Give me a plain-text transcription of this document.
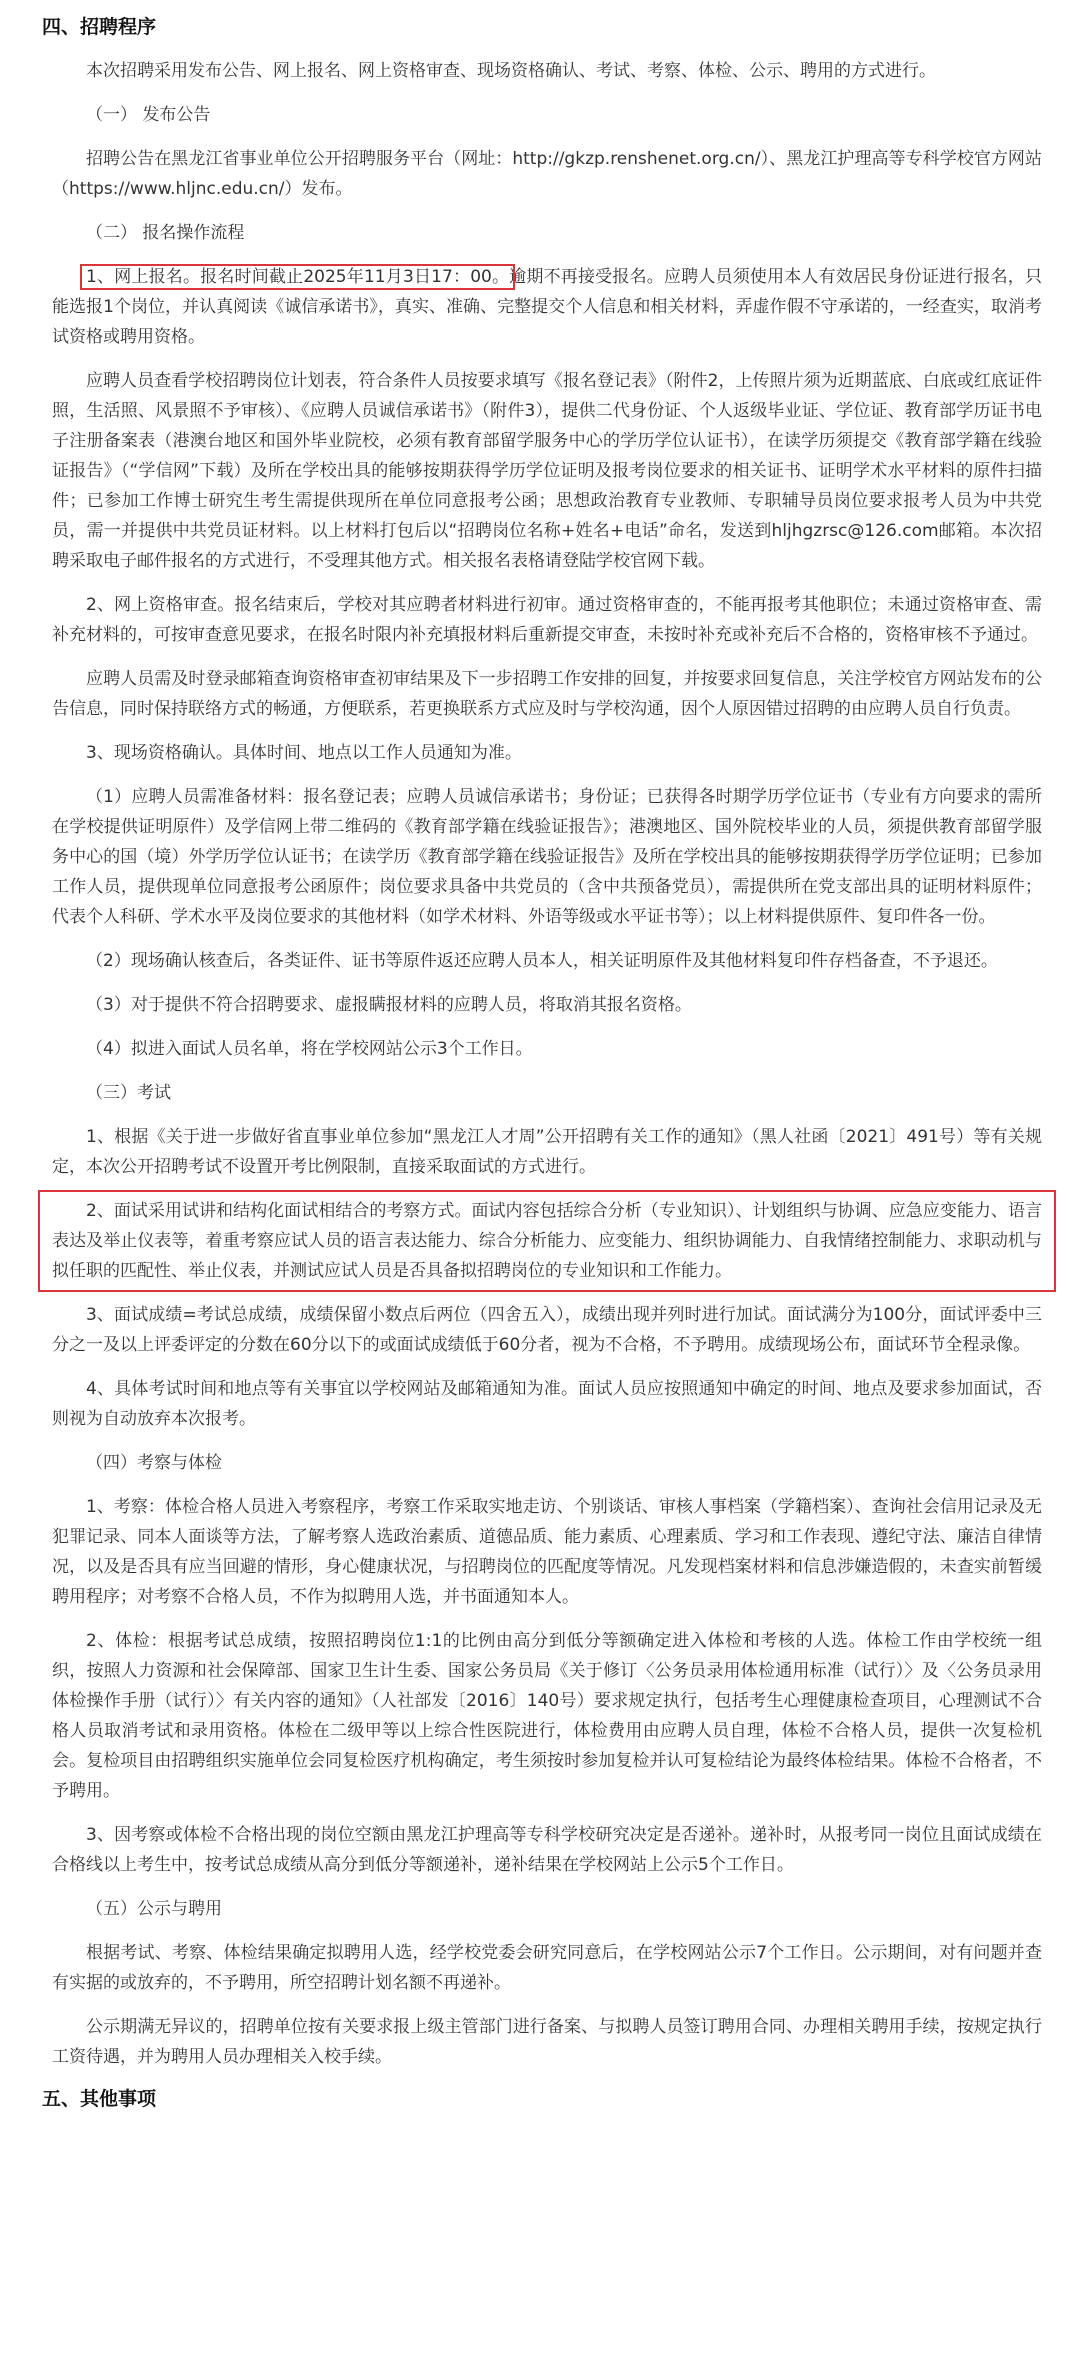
四、招聘程序

本次招聘采用发布公告、网上报名、网上资格审查、现场资格确认、考试、考察、体检、公示、聘用的方式进行。

（一） 发布公告

招聘公告在黑龙江省事业单位公开招聘服务平台（网址：http://gkzp.renshenet.org.cn/）、黑龙江护理高等专科学校官方网站（https://www.hljnc.edu.cn/）发布。

（二） 报名操作流程

1、网上报名。报名时间截止2025年11月3日17：00。逾期不再接受报名。应聘人员须使用本人有效居民身份证进行报名，只能选报1个岗位，并认真阅读《诚信承诺书》，真实、准确、完整提交个人信息和相关材料，弄虚作假不守承诺的，一经查实，取消考试资格或聘用资格。

应聘人员查看学校招聘岗位计划表，符合条件人员按要求填写《报名登记表》（附件2，上传照片须为近期蓝底、白底或红底证件照，生活照、风景照不予审核）、《应聘人员诚信承诺书》（附件3），提供二代身份证、个人返级毕业证、学位证、教育部学历证书电子注册备案表（港澳台地区和国外毕业院校，必须有教育部留学服务中心的学历学位认证书），在读学历须提交《教育部学籍在线验证报告》（“学信网”下载）及所在学校出具的能够按期获得学历学位证明及报考岗位要求的相关证书、证明学术水平材料的原件扫描件；已参加工作博士研究生考生需提供现所在单位同意报考公函；思想政治教育专业教师、专职辅导员岗位要求报考人员为中共党员，需一并提供中共党员证材料。以上材料打包后以“招聘岗位名称+姓名+电话”命名，发送到hljhgzrsc@126.com邮箱。本次招聘采取电子邮件报名的方式进行，不受理其他方式。相关报名表格请登陆学校官网下载。

2、网上资格审查。报名结束后，学校对其应聘者材料进行初审。通过资格审查的，不能再报考其他职位；未通过资格审查、需补充材料的，可按审查意见要求，在报名时限内补充填报材料后重新提交审查，未按时补充或补充后不合格的，资格审核不予通过。

应聘人员需及时登录邮箱查询资格审查初审结果及下一步招聘工作安排的回复，并按要求回复信息，关注学校官方网站发布的公告信息，同时保持联络方式的畅通，方便联系，若更换联系方式应及时与学校沟通，因个人原因错过招聘的由应聘人员自行负责。

3、现场资格确认。具体时间、地点以工作人员通知为准。

（1）应聘人员需准备材料：报名登记表；应聘人员诚信承诺书；身份证；已获得各时期学历学位证书（专业有方向要求的需所在学校提供证明原件）及学信网上带二维码的《教育部学籍在线验证报告》；港澳地区、国外院校毕业的人员，须提供教育部留学服务中心的国（境）外学历学位认证书；在读学历《教育部学籍在线验证报告》及所在学校出具的能够按期获得学历学位证明；已参加工作人员，提供现单位同意报考公函原件；岗位要求具备中共党员的（含中共预备党员），需提供所在党支部出具的证明材料原件；代表个人科研、学术水平及岗位要求的其他材料（如学术材料、外语等级或水平证书等）；以上材料提供原件、复印件各一份。

（2）现场确认核查后，各类证件、证书等原件返还应聘人员本人，相关证明原件及其他材料复印件存档备查，不予退还。

（3）对于提供不符合招聘要求、虚报瞒报材料的应聘人员，将取消其报名资格。

（4）拟进入面试人员名单，将在学校网站公示3个工作日。

（三）考试

1、根据《关于进一步做好省直事业单位参加“黑龙江人才周”公开招聘有关工作的通知》（黑人社函〔2021〕491号）等有关规定，本次公开招聘考试不设置开考比例限制，直接采取面试的方式进行。

2、面试采用试讲和结构化面试相结合的考察方式。面试内容包括综合分析（专业知识）、计划组织与协调、应急应变能力、语言表达及举止仪表等，着重考察应试人员的语言表达能力、综合分析能力、应变能力、组织协调能力、自我情绪控制能力、求职动机与拟任职的匹配性、举止仪表，并测试应试人员是否具备拟招聘岗位的专业知识和工作能力。

3、面试成绩=考试总成绩，成绩保留小数点后两位（四舍五入），成绩出现并列时进行加试。面试满分为100分，面试评委中三分之一及以上评委评定的分数在60分以下的或面试成绩低于60分者，视为不合格，不予聘用。成绩现场公布，面试环节全程录像。

4、具体考试时间和地点等有关事宜以学校网站及邮箱通知为准。面试人员应按照通知中确定的时间、地点及要求参加面试，否则视为自动放弃本次报考。

（四）考察与体检

1、考察：体检合格人员进入考察程序，考察工作采取实地走访、个别谈话、审核人事档案（学籍档案）、查询社会信用记录及无犯罪记录、同本人面谈等方法，了解考察人选政治素质、道德品质、能力素质、心理素质、学习和工作表现、遵纪守法、廉洁自律情况，以及是否具有应当回避的情形，身心健康状况，与招聘岗位的匹配度等情况。凡发现档案材料和信息涉嫌造假的，未查实前暂缓聘用程序；对考察不合格人员，不作为拟聘用人选，并书面通知本人。

2、体检：根据考试总成绩，按照招聘岗位1:1的比例由高分到低分等额确定进入体检和考核的人选。体检工作由学校统一组织，按照人力资源和社会保障部、国家卫生计生委、国家公务员局《关于修订〈公务员录用体检通用标准（试行）〉及〈公务员录用体检操作手册（试行）〉有关内容的通知》（人社部发〔2016〕140号）要求规定执行，包括考生心理健康检查项目，心理测试不合格人员取消考试和录用资格。体检在二级甲等以上综合性医院进行，体检费用由应聘人员自理，体检不合格人员，提供一次复检机会。复检项目由招聘组织实施单位会同复检医疗机构确定，考生须按时参加复检并认可复检结论为最终体检结果。体检不合格者，不予聘用。

3、因考察或体检不合格出现的岗位空额由黑龙江护理高等专科学校研究决定是否递补。递补时，从报考同一岗位且面试成绩在合格线以上考生中，按考试总成绩从高分到低分等额递补，递补结果在学校网站上公示5个工作日。

（五）公示与聘用

根据考试、考察、体检结果确定拟聘用人选，经学校党委会研究同意后，在学校网站公示7个工作日。公示期间，对有问题并查有实据的或放弃的，不予聘用，所空招聘计划名额不再递补。

公示期满无异议的，招聘单位按有关要求报上级主管部门进行备案、与拟聘人员签订聘用合同、办理相关聘用手续，按规定执行工资待遇，并为聘用人员办理相关入校手续。

五、其他事项
